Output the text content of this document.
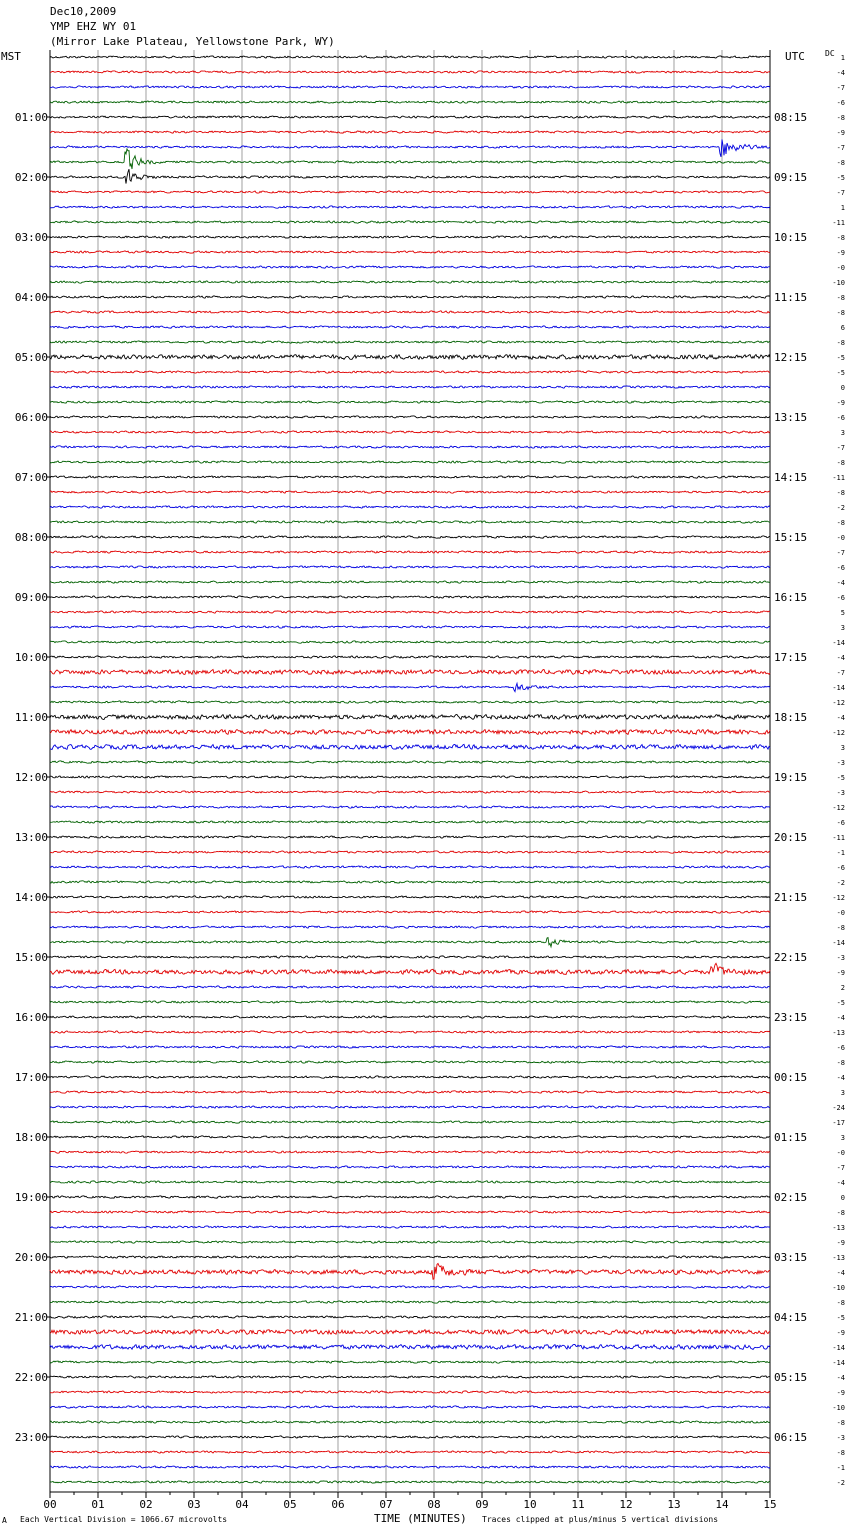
Dec10,2009
YMP EHZ WY 01
(Mirror Lake Plateau, Yellowstone Park, WY)
MST	UTC	DC
00	01	02	03	04	05	06	07	08	09	10	11	12	13	14	15
01:00
02:00
03:00
04:00
05:00
06:00
07:00
08:00
09:00
10:00
11:00
12:00
13:00
14:00
15:00
16:00
17:00
18:00
19:00
20:00
21:00
22:00
23:00
08:15
09:15
10:15
11:15
12:15
13:15
14:15
15:15
16:15
17:15
18:15
19:15
20:15
21:15
22:15
23:15
00:15
01:15
02:15
03:15
04:15
05:15
06:15
1
-4
-7
-6
-8
-9
-7
-8
-5
-7
1
-11
-8
-9
-0
-10
-8
-8
6
-8
-5
-5
0
-9
-6
3
-7
-8
-11
-8
-2
-8
-0
-7
-6
-4
-6
5
3
-14
-4
-7
-14
-12
-4
-12
3
-3
-5
-3
-12
-6
-11
-1
-6
-2
-12
-0
-8
-14
-3
-9
2
-5
-4
-13
-6
-8
-4
3
-24
-17
3
-0
-7
-4
0
-8
-13
-9
-13
-4
-10
-8
-5
-9
-14
-14
-4
-9
-10
-8
-3
-8
-1
-2
A Each Vertical Division = 1066.67 microvolts	TIME (MINUTES) Traces clipped at plus/minus 5 vertical divisions
